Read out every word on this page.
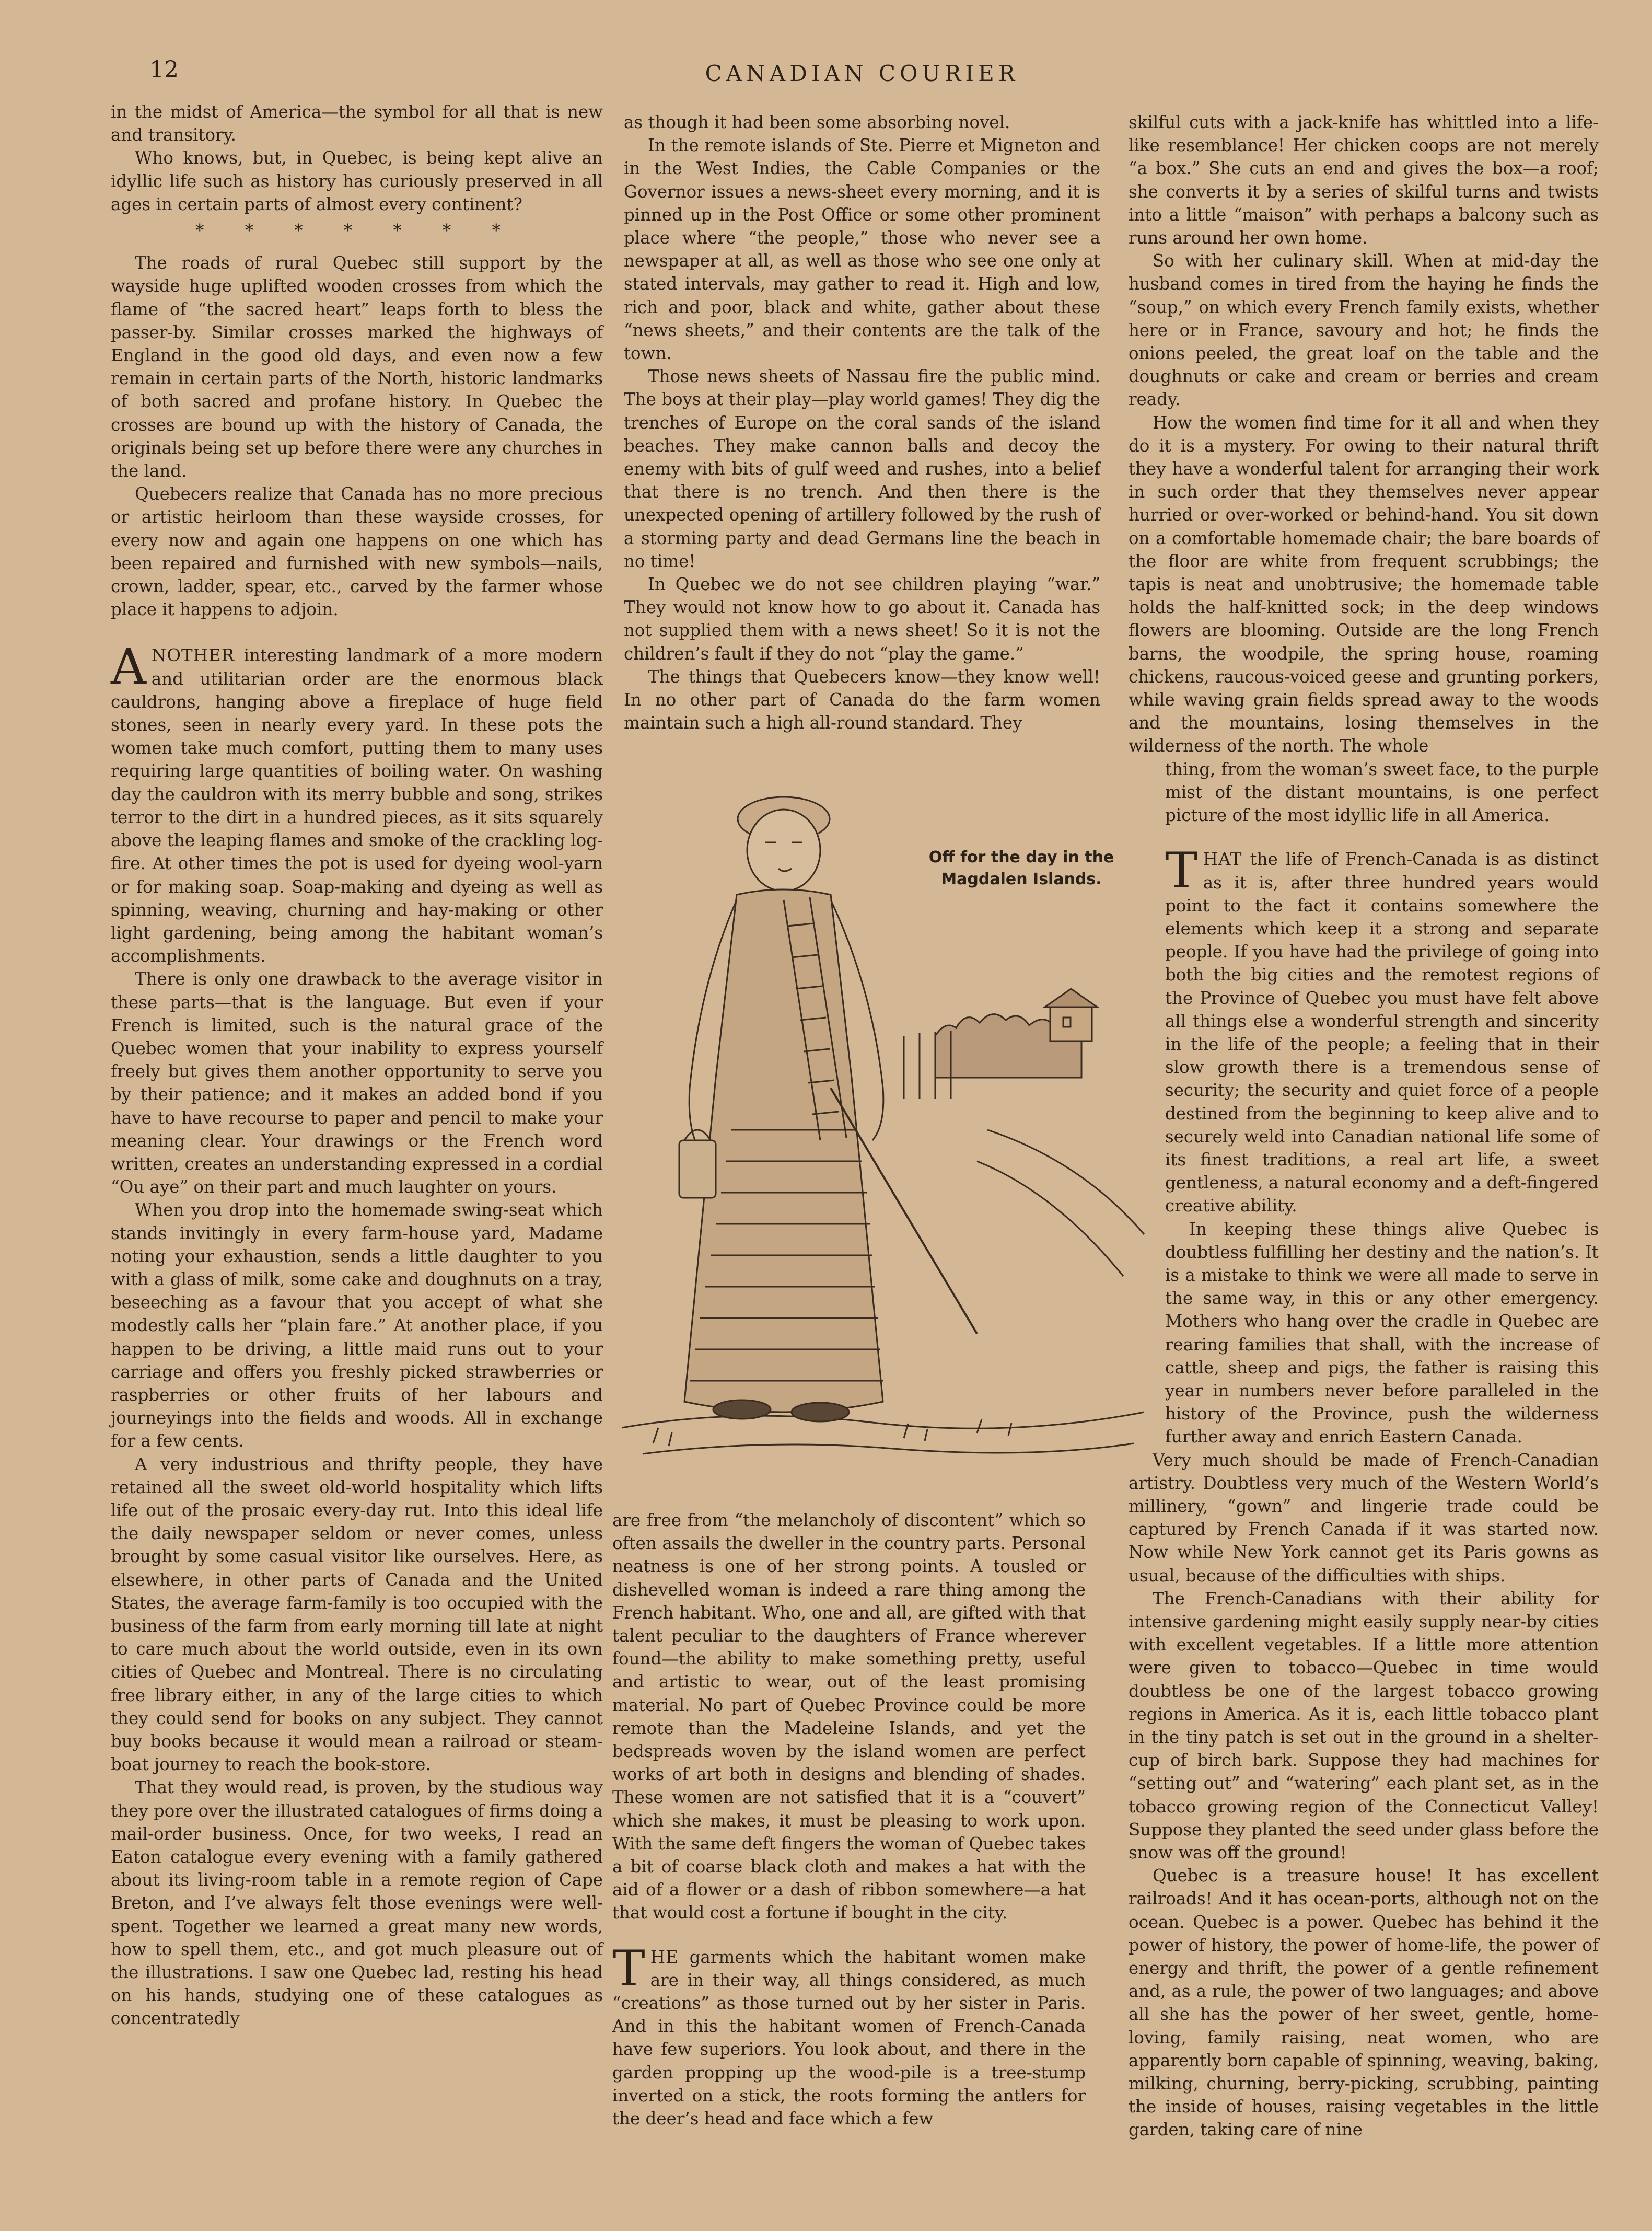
12	CANADIAN COURIER

in the midst of America—the symbol for all that is new and transitory.

Who knows, but, in Quebec, is being kept alive an idyllic life such as history has curiously preserved in all ages in certain parts of almost every continent?

* * * * * * *

The roads of rural Quebec still support by the wayside huge uplifted wooden crosses from which the flame of “the sacred heart” leaps forth to bless the passer-by. Similar crosses marked the highways of England in the good old days, and even now a few remain in certain parts of the North, historic landmarks of both sacred and profane history. In Quebec the crosses are bound up with the history of Canada, the originals being set up before there were any churches in the land.

Quebecers realize that Canada has no more precious or artistic heirloom than these wayside crosses, for every now and again one happens on one which has been repaired and furnished with new symbols—nails, crown, ladder, spear, etc., carved by the farmer whose place it happens to adjoin.

ANOTHER interesting landmark of a more modern and utilitarian order are the enormous black cauldrons, hanging above a fireplace of huge field stones, seen in nearly every yard. In these pots the women take much comfort, putting them to many uses requiring large quantities of boiling water. On washing day the cauldron with its merry bubble and song, strikes terror to the dirt in a hundred pieces, as it sits squarely above the leaping flames and smoke of the crackling log-fire. At other times the pot is used for dyeing wool-yarn or for making soap. Soap-making and dyeing as well as spinning, weaving, churning and hay-making or other light gardening, being among the habitant woman’s accomplishments.

There is only one drawback to the average visitor in these parts—that is the language. But even if your French is limited, such is the natural grace of the Quebec women that your inability to express yourself freely but gives them another opportunity to serve you by their patience; and it makes an added bond if you have to have recourse to paper and pencil to make your meaning clear. Your drawings or the French word written, creates an understanding expressed in a cordial “Ou aye” on their part and much laughter on yours.

When you drop into the homemade swing-seat which stands invitingly in every farm-house yard, Madame noting your exhaustion, sends a little daughter to you with a glass of milk, some cake and doughnuts on a tray, beseeching as a favour that you accept of what she modestly calls her “plain fare.” At another place, if you happen to be driving, a little maid runs out to your carriage and offers you freshly picked strawberries or raspberries or other fruits of her labours and journeyings into the fields and woods. All in exchange for a few cents.

A very industrious and thrifty people, they have retained all the sweet old-world hospitality which lifts life out of the prosaic every-day rut. Into this ideal life the daily newspaper seldom or never comes, unless brought by some casual visitor like ourselves. Here, as elsewhere, in other parts of Canada and the United States, the average farm-family is too occupied with the business of the farm from early morning till late at night to care much about the world outside, even in its own cities of Quebec and Montreal. There is no circulating free library either, in any of the large cities to which they could send for books on any subject. They cannot buy books because it would mean a railroad or steam-boat journey to reach the book-store.

That they would read, is proven, by the studious way they pore over the illustrated catalogues of firms doing a mail-order business. Once, for two weeks, I read an Eaton catalogue every evening with a family gathered about its living-room table in a remote region of Cape Breton, and I’ve always felt those evenings were well-spent. Together we learned a great many new words, how to spell them, etc., and got much pleasure out of the illustrations. I saw one Quebec lad, resting his head on his hands, studying one of these catalogues as concentratedly

as though it had been some absorbing novel.

In the remote islands of Ste. Pierre et Migneton and in the West Indies, the Cable Companies or the Governor issues a news-sheet every morning, and it is pinned up in the Post Office or some other prominent place where “the people,” those who never see a newspaper at all, as well as those who see one only at stated intervals, may gather to read it. High and low, rich and poor, black and white, gather about these “news sheets,” and their contents are the talk of the town.

Those news sheets of Nassau fire the public mind. The boys at their play—play world games! They dig the trenches of Europe on the coral sands of the island beaches. They make cannon balls and decoy the enemy with bits of gulf weed and rushes, into a belief that there is no trench. And then there is the unexpected opening of artillery followed by the rush of a storming party and dead Germans line the beach in no time!

In Quebec we do not see children playing “war.” They would not know how to go about it. Canada has not supplied them with a news sheet! So it is not the children’s fault if they do not “play the game.”

The things that Quebecers know—they know well! In no other part of Canada do the farm women maintain such a high all-round standard. They

Off for the day in the Magdalen Islands.

are free from “the melancholy of discontent” which so often assails the dweller in the country parts. Personal neatness is one of her strong points. A tousled or dishevelled woman is indeed a rare thing among the French habitant. Who, one and all, are gifted with that talent peculiar to the daughters of France wherever found—the ability to make something pretty, useful and artistic to wear, out of the least promising material. No part of Quebec Province could be more remote than the Madeleine Islands, and yet the bedspreads woven by the island women are perfect works of art both in designs and blending of shades. These women are not satisfied that it is a “couvert” which she makes, it must be pleasing to work upon. With the same deft fingers the woman of Quebec takes a bit of coarse black cloth and makes a hat with the aid of a flower or a dash of ribbon somewhere—a hat that would cost a fortune if bought in the city.

THE garments which the habitant women make are in their way, all things considered, as much “creations” as those turned out by her sister in Paris. And in this the habitant women of French-Canada have few superiors. You look about, and there in the garden propping up the wood-pile is a tree-stump inverted on a stick, the roots forming the antlers for the deer’s head and face which a few

skilful cuts with a jack-knife has whittled into a life-like resemblance! Her chicken coops are not merely “a box.” She cuts an end and gives the box—a roof; she converts it by a series of skilful turns and twists into a little “maison” with perhaps a balcony such as runs around her own home.

So with her culinary skill. When at mid-day the husband comes in tired from the haying he finds the “soup,” on which every French family exists, whether here or in France, savoury and hot; he finds the onions peeled, the great loaf on the table and the doughnuts or cake and cream or berries and cream ready.

How the women find time for it all and when they do it is a mystery. For owing to their natural thrift they have a wonderful talent for arranging their work in such order that they themselves never appear hurried or over-worked or behind-hand. You sit down on a comfortable homemade chair; the bare boards of the floor are white from frequent scrubbings; the tapis is neat and unobtrusive; the homemade table holds the half-knitted sock; in the deep windows flowers are blooming. Outside are the long French barns, the woodpile, the spring house, roaming chickens, raucous-voiced geese and grunting porkers, while waving grain fields spread away to the woods and the mountains, losing themselves in the wilderness of the north. The whole

thing, from the woman’s sweet face, to the purple mist of the distant mountains, is one perfect picture of the most idyllic life in all America.

THAT the life of French-Canada is as distinct as it is, after three hundred years would point to the fact it contains somewhere the elements which keep it a strong and separate people. If you have had the privilege of going into both the big cities and the remotest regions of the Province of Quebec you must have felt above all things else a wonderful strength and sincerity in the life of the people; a feeling that in their slow growth there is a tremendous sense of security; the security and quiet force of a people destined from the beginning to keep alive and to securely weld into Canadian national life some of its finest traditions, a real art life, a sweet gentleness, a natural economy and a deft-fingered creative ability.

In keeping these things alive Quebec is doubtless fulfilling her destiny and the nation’s. It is a mistake to think we were all made to serve in the same way, in this or any other emergency. Mothers who hang over the cradle in Quebec are rearing families that shall, with the increase of cattle, sheep and pigs, the father is raising this year in numbers never before paralleled in the history of the Province, push the wilderness further away and enrich Eastern Canada.

Very much should be made of French-Canadian artistry. Doubtless very much of the Western World’s millinery, “gown” and lingerie trade could be captured by French Canada if it was started now. Now while New York cannot get its Paris gowns as usual, because of the difficulties with ships.

The French-Canadians with their ability for intensive gardening might easily supply near-by cities with excellent vegetables. If a little more attention were given to tobacco—Quebec in time would doubtless be one of the largest tobacco growing regions in America. As it is, each little tobacco plant in the tiny patch is set out in the ground in a shelter-cup of birch bark. Suppose they had machines for “setting out” and “watering” each plant set, as in the tobacco growing region of the Connecticut Valley! Suppose they planted the seed under glass before the snow was off the ground!

Quebec is a treasure house! It has excellent railroads! And it has ocean-ports, although not on the ocean. Quebec is a power. Quebec has behind it the power of history, the power of home-life, the power of energy and thrift, the power of a gentle refinement and, as a rule, the power of two languages; and above all she has the power of her sweet, gentle, home-loving, family raising, neat women, who are apparently born capable of spinning, weaving, baking, milking, churning, berry-picking, scrubbing, painting the inside of houses, raising vegetables in the little garden, taking care of nine
